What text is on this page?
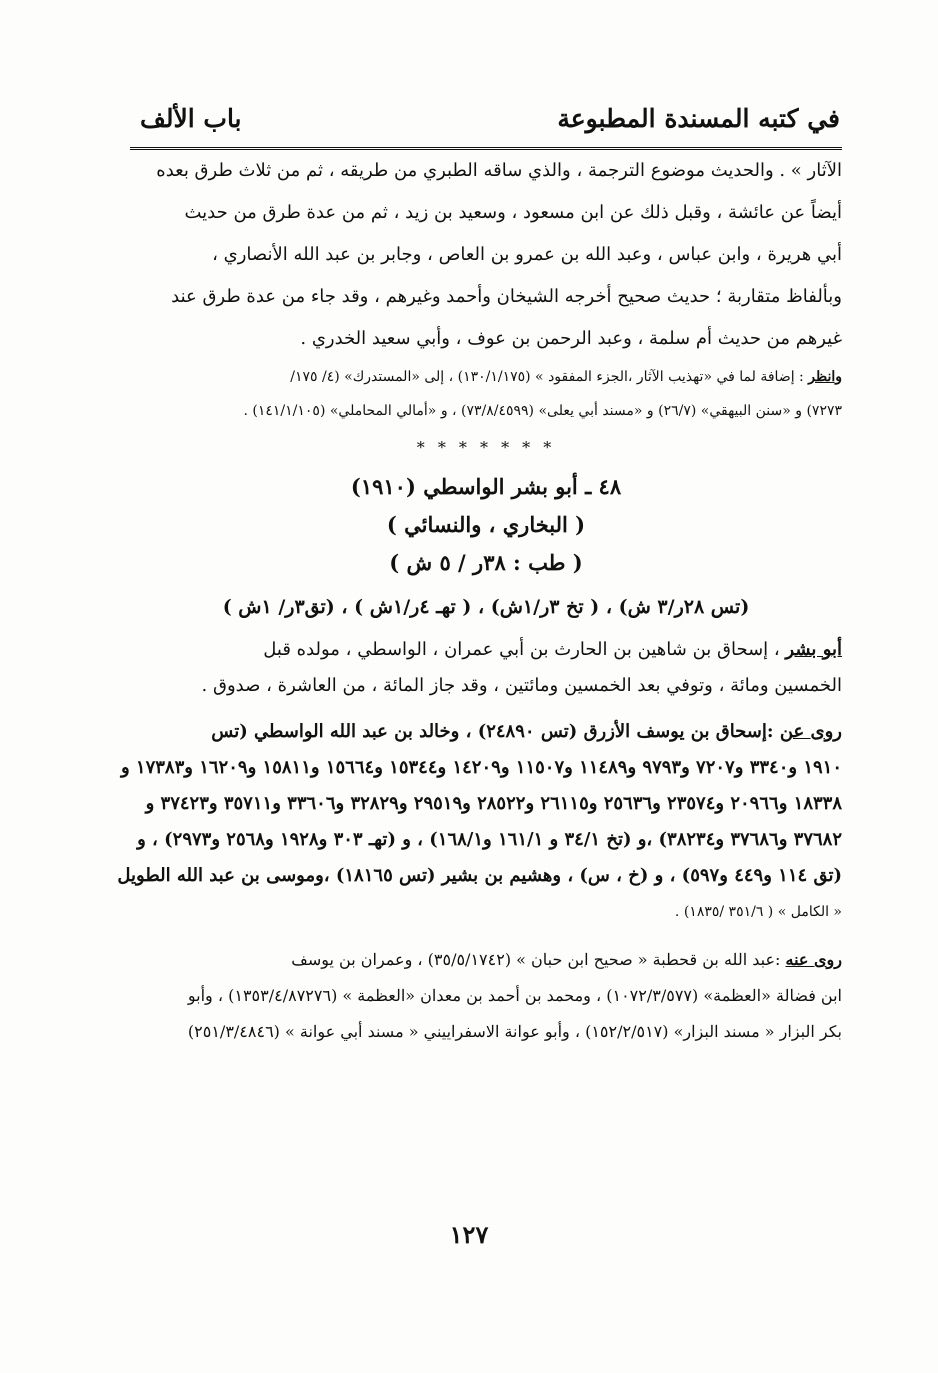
في كتبه المسندة المطبوعة
باب الألف
الآثار » . والحديث موضوع الترجمة ، والذي ساقه الطبري من طريقه ، ثم من ثلاث طرق بعده
أيضاً عن عائشة ، وقبل ذلك عن ابن مسعود ، وسعيد بن زيد ، ثم من عدة طرق من حديث
أبي هريرة ، وابن عباس ، وعبد الله بن عمرو بن العاص ، وجابر بن عبد الله الأنصاري ،
وبألفاظ متقاربة ؛ حديث صحيح أخرجه الشيخان وأحمد وغيرهم ، وقد جاء من عدة طرق عند
غيرهم من حديث أم سلمة ، وعبد الرحمن بن عوف ، وأبي سعيد الخدري .
وانظر : إضافة لما في «تهذيب الآثار ،الجزء المفقود » (١٣٠/١/١٧٥) ، إلى «المستدرك» (٤/ ١٧٥/
٧٢٧٣) و «سنن البيهقي» (٢٦/٧) و «مسند أبي يعلى» (٧٣/٨/٤٥٩٩) ، و «أمالي المحاملي» (١٤١/١/١٠٥) .
* * * * * * *
٤٨ ـ أبو بشر الواسطي (١٩١٠)
( البخاري ، والنسائي )
( طب : ٣٨ر / ٥ ش )
(تس ٢٨ر/٣ ش) ، ( تخ ٣ر/١ش) ، ( تهـ ٤ر/١ش ) ، (تق٣ر/ ١ش )
أبو بشر ، إسحاق بن شاهين بن الحارث بن أبي عمران ، الواسطي ، مولده قبل
الخمسين ومائة ، وتوفي بعد الخمسين ومائتين ، وقد جاز المائة ، من العاشرة ، صدوق .
روى عن :إسحاق بن يوسف الأزرق (تس ٢٤٨٩٠) ، وخالد بن عبد الله الواسطي (تس
١٩١٠ و٣٣٤٠ و٧٢٠٧ و٩٧٩٣ و١١٤٨٩ و١١٥٠٧ و١٤٢٠٩ و١٥٣٤٤ و١٥٦٦٤ و١٥٨١١ و١٦٢٠٩ و١٧٣٨٣ و
١٨٣٣٨ و٢٠٩٦٦ و٢٣٥٧٤ و٢٥٦٣٦ و٢٦١١٥ و٢٨٥٢٢ و٢٩٥١٩ و٣٢٨٢٩ و٣٣٦٠٦ و٣٥٧١١ و٣٧٤٢٣ و
٣٧٦٨٢ و٣٧٦٨٦ و٣٨٢٣٤) ،و (تخ ٣٤/١ و ١٦١/١ و١٦٨/١) ، و (تهـ ٣٠٣ و١٩٢٨ و٢٥٦٨ و٢٩٧٣) ، و
(تق ١١٤ و٤٤٩ و٥٩٧) ، و (خ ، س) ، وهشيم بن بشير (تس ١٨١٦٥) ،وموسى بن عبد الله الطويل
« الكامل » ( ٣٥١/٦ /١٨٣٥) .
روى عنه :عبد الله بن قحطبة « صحيح ابن حبان » (٣٥/٥/١٧٤٢) ، وعمران بن يوسف
ابن فضالة «العظمة» (١٠٧٢/٣/٥٧٧) ، ومحمد بن أحمد بن معدان «العظمة » (١٣٥٣/٤/٨٧٢٧٦) ، وأبو
بكر البزار « مسند البزار» (١٥٢/٢/٥١٧) ، وأبو عوانة الاسفراييني « مسند أبي عوانة » (٢٥١/٣/٤٨٤٦)
١٢٧
